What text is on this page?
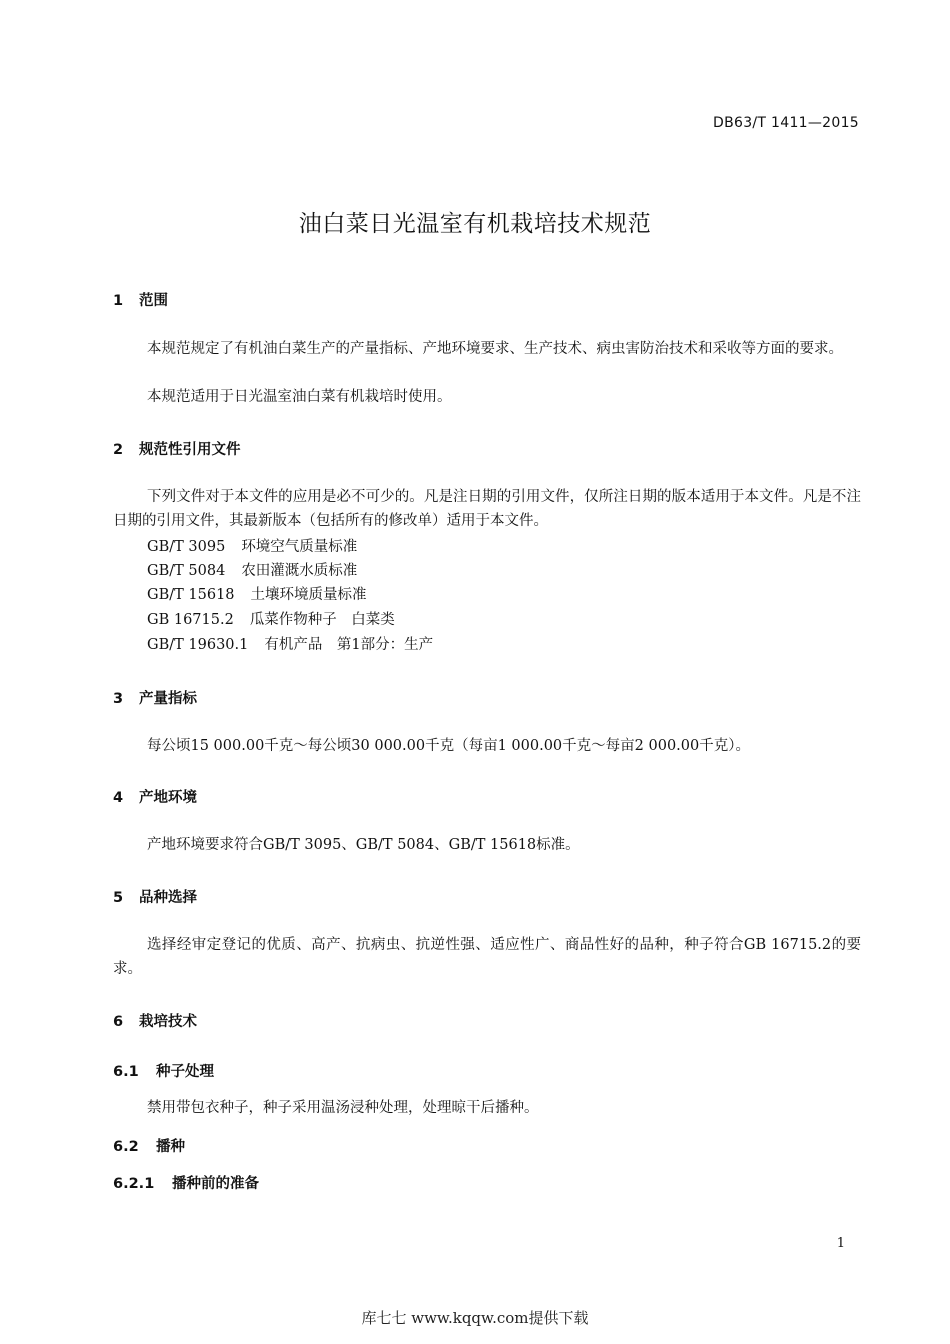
DB63/T 1411—2015
油白菜日光温室有机栽培技术规范
1 范围
本规范规定了有机油白菜生产的产量指标、产地环境要求、生产技术、病虫害防治技术和采收等方面的要求。
本规范适用于日光温室油白菜有机栽培时使用。
2 规范性引用文件
下列文件对于本文件的应用是必不可少的。凡是注日期的引用文件，仅所注日期的版本适用于本文件。凡是不注日期的引用文件，其最新版本（包括所有的修改单）适用于本文件。
GB/T 3095 环境空气质量标准
GB/T 5084 农田灌溉水质标准
GB/T 15618 土壤环境质量标准
GB 16715.2 瓜菜作物种子　白菜类
GB/T 19630.1 有机产品　第1部分：生产
3 产量指标
每公顷15 000.00千克～每公顷30 000.00千克（每亩1 000.00千克～每亩2 000.00千克）。
4 产地环境
产地环境要求符合GB/T 3095、GB/T 5084、GB/T 15618标准。
5 品种选择
选择经审定登记的优质、高产、抗病虫、抗逆性强、适应性广、商品性好的品种，种子符合GB 16715.2的要求。
6 栽培技术
6.1 种子处理
禁用带包衣种子，种子采用温汤浸种处理，处理晾干后播种。
6.2 播种
6.2.1 播种前的准备
1
库七七 www.kqqw.com提供下载
